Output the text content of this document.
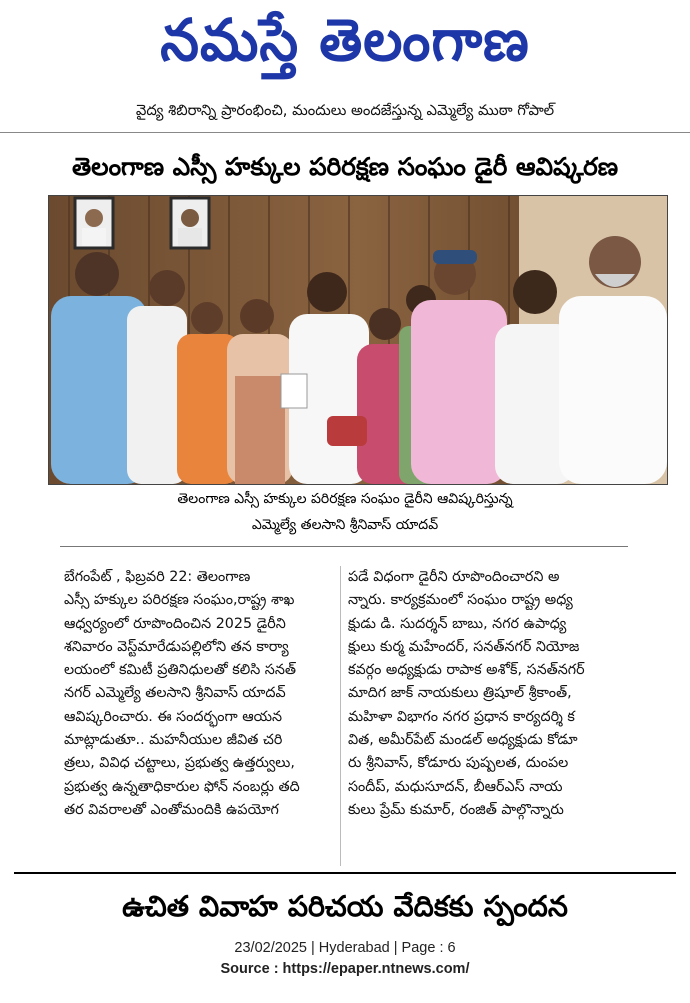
నమస్తే తెలంగాణ
వైద్య శిబిరాన్ని ప్రారంభించి, మందులు అందజేస్తున్న ఎమ్మెల్యే ముఠా గోపాల్
తెలంగాణ ఎస్సీ హక్కుల పరిరక్షణ సంఘం డైరీ ఆవిష్కరణ
తెలంగాణ ఎస్సీ హక్కుల పరిరక్షణ సంఘం డైరీని ఆవిష్కరిస్తున్న
ఎమ్మెల్యే తలసాని శ్రీనివాస్ యాదవ్

బేగంపేట్ , ఫిబ్రవరి 22: తెలంగాణ

ఎస్సీ హక్కుల పరిరక్షణ సంఘం,రాష్ట్ర శాఖ

ఆధ్వర్యంలో రూపొందించిన 2025 డైరీని

శనివారం వెస్ట్‌మారేడుపల్లిలోని తన కార్యా

లయంలో కమిటీ ప్రతినిధులతో కలిసి సనత్

నగర్ ఎమ్మెల్యే తలసాని శ్రీనివాస్ యాదవ్

ఆవిష్కరించారు. ఈ సందర్భంగా ఆయన

మాట్లాడుతూ.. మహనీయుల జీవిత చరి

త్రలు, వివిధ చట్టాలు, ప్రభుత్వ ఉత్తర్వులు,

ప్రభుత్వ ఉన్నతాధికారుల ఫోన్ నంబర్లు తది

తర వివరాలతో ఎంతోమందికి ఉపయోగ

పడే విధంగా డైరీని రూపొందించారని అ

న్నారు. కార్యక్రమంలో సంఘం రాష్ట్ర అధ్య

క్షుడు డి. సుదర్శన్ బాబు, నగర ఉపాధ్య

క్షులు కుర్మ మహేందర్, సనత్‌నగర్ నియోజ

కవర్గం అధ్యక్షుడు రాపాక అశోక్, సనత్‌నగర్

మాదిగ జాక్ నాయకులు త్రిషూల్ శ్రీకాంత్,

మహిళా విభాగం నగర ప్రధాన కార్యదర్శి క

విత, అమీర్‌పేట్ మండల్ అధ్యక్షుడు కోడూ

రు శ్రీనివాస్, కోడూరు పుష్పలత, దుంపల

సందీప్, మధుసూదన్, బీఆర్ఎస్ నాయ

కులు ప్రేమ్ కుమార్, రంజిత్ పాల్గొన్నారు

ఉచిత వివాహ పరిచయ వేదికకు స్పందన
23/02/2025 | Hyderabad | Page : 6
Source : https://epaper.ntnews.com/
